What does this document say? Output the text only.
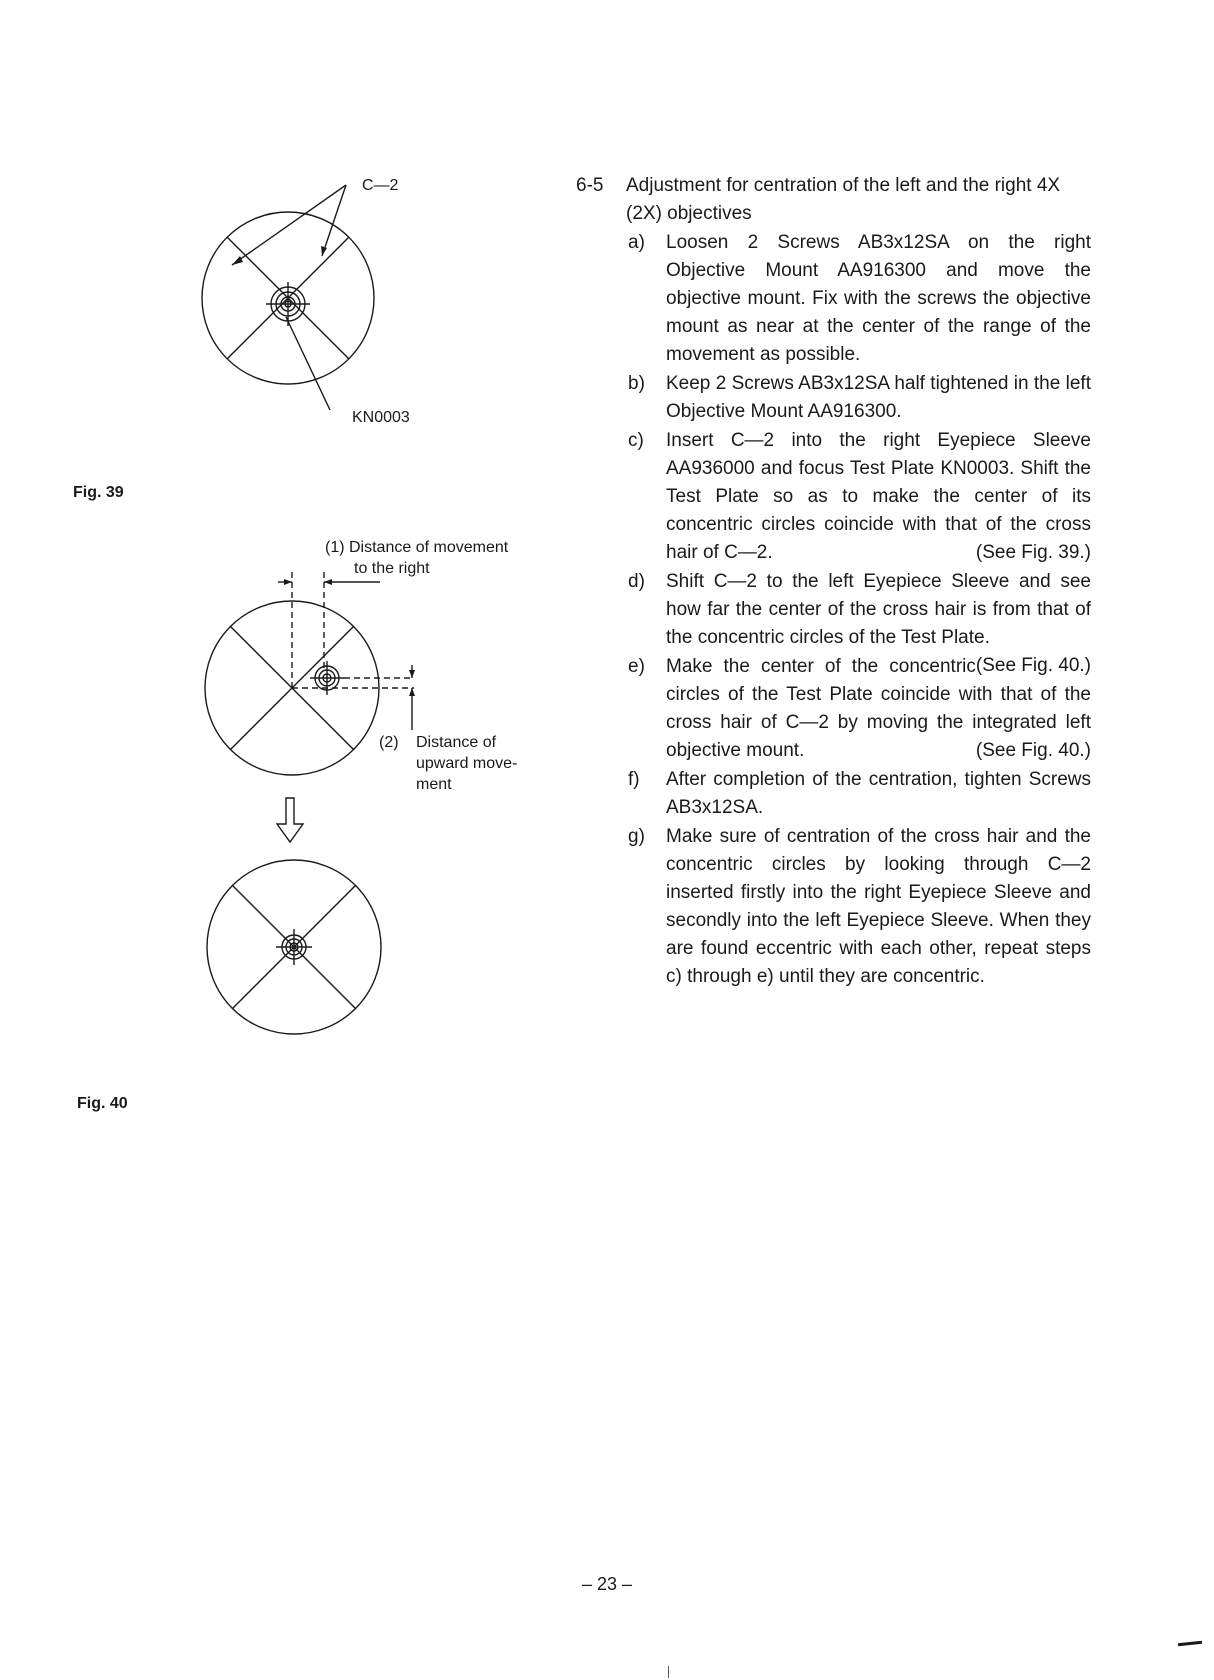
Fig. 39
Fig. 40
C—2
KN0003
(1) Distance of movement
to the right
(2) Distance of
upward move-
ment
6-5 Adjustment for centration of the left and the right 4X (2X) objectives
a) Loosen 2 Screws AB3x12SA on the right Objective Mount AA916300 and move the objective mount. Fix with the screws the objective mount as near at the center of the range of the movement as possible.
b) Keep 2 Screws AB3x12SA half tightened in the left Objective Mount AA916300.
c) Insert C—2 into the right Eyepiece Sleeve AA936000 and focus Test Plate KN0003. Shift the Test Plate so as to make the center of its concentric circles coincide with that of the cross hair of C—2.	(See Fig. 39.)
d) Shift C—2 to the left Eyepiece Sleeve and see how far the center of the cross hair is from that of the concentric circles of the Test Plate.
(See Fig. 40.)
e) Make the center of the concentric circles of the Test Plate coincide with that of the cross hair of C—2 by moving the integrated left objective mount.	(See Fig. 40.)
f) After completion of the centration, tighten Screws AB3x12SA.
g) Make sure of centration of the cross hair and the concentric circles by looking through C—2 inserted firstly into the right Eyepiece Sleeve and secondly into the left Eyepiece Sleeve. When they are found eccentric with each other, repeat steps c) through e) until they are concentric.
– 23 –
